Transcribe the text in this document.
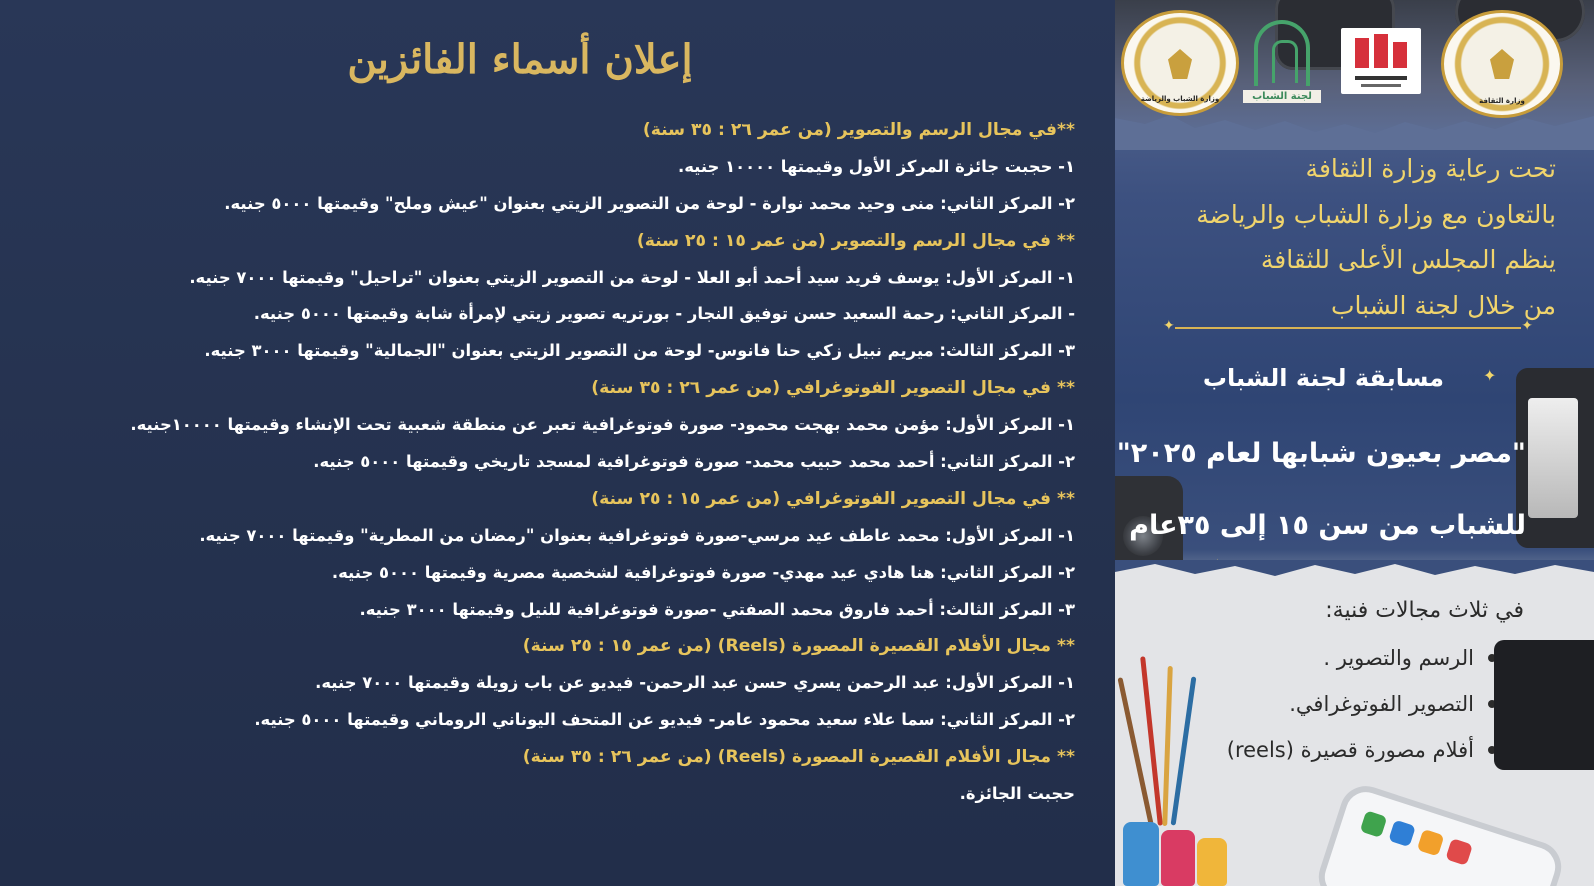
إعلان أسماء الفائزين
**في مجال الرسم والتصوير (من عمر ٢٦ : ٣٥ سنة)
١- حجبت جائزة المركز الأول وقيمتها ١٠٠٠٠ جنيه.
٢- المركز الثاني: منى وحيد محمد نوارة - لوحة من التصوير الزيتي بعنوان "عيش وملح" وقيمتها ٥٠٠٠ جنيه.
** في مجال الرسم والتصوير (من عمر ١٥ : ٢٥ سنة)
١- المركز الأول: يوسف فريد سيد أحمد أبو العلا - لوحة من التصوير الزيتي بعنوان "تراحيل" وقيمتها ٧٠٠٠ جنيه.
- المركز الثاني: رحمة السعيد حسن توفيق النجار - بورتريه تصوير زيتي لإمرأة شابة وقيمتها ٥٠٠٠ جنيه.
٣- المركز الثالث: ميريم نبيل زكي حنا فانوس- لوحة من التصوير الزيتي بعنوان "الجمالية" وقيمتها ٣٠٠٠ جنيه.
** في مجال التصوير الفوتوغرافي (من عمر ٢٦ : ٣٥ سنة)
١- المركز الأول: مؤمن محمد بهجت محمود- صورة فوتوغرافية تعبر عن منطقة شعبية تحت الإنشاء وقيمتها ١٠٠٠٠جنيه.
٢- المركز الثاني: أحمد محمد حبيب محمد- صورة فوتوغرافية لمسجد تاريخي وقيمتها ٥٠٠٠ جنيه.
** في مجال التصوير الفوتوغرافي (من عمر ١٥ : ٢٥ سنة)
١- المركز الأول: محمد عاطف عيد مرسي-صورة فوتوغرافية بعنوان "رمضان من المطرية" وقيمتها ٧٠٠٠ جنيه.
٢- المركز الثاني: هنا هادي عيد مهدي- صورة فوتوغرافية لشخصية مصرية وقيمتها ٥٠٠٠ جنيه.
٣- المركز الثالث: أحمد فاروق محمد الصفتي -صورة فوتوغرافية للنيل وقيمتها ٣٠٠٠ جنيه.
** مجال الأفلام القصيرة المصورة (Reels) (من عمر ١٥ : ٢٥ سنة)
١- المركز الأول: عبد الرحمن يسري حسن عبد الرحمن- فيديو عن باب زويلة وقيمتها ٧٠٠٠ جنيه.
٢- المركز الثاني: سما علاء سعيد محمود عامر- فيديو عن المتحف اليوناني الروماني وقيمتها ٥٠٠٠ جنيه.
** مجال الأفلام القصيرة المصورة (Reels) (من عمر ٢٦ : ٣٥ سنة)
حجبت الجائزة.
وزارة الشباب والرياضة	لجنة الشباب	وزارة الثقافة
تحت رعاية وزارة الثقافة
بالتعاون مع وزارة الشباب والرياضة
ينظم المجلس الأعلى للثقافة
من خلال لجنة الشباب
✦	✦
مسابقة لجنة الشباب ✦
"مصر بعيون شبابها لعام ٢٠٢٥"
للشباب من سن ١٥ إلى ٣٥عام
في ثلاث مجالات فنية:
الرسم والتصوير .
التصوير الفوتوغرافي.
أفلام مصورة قصيرة (reels)
